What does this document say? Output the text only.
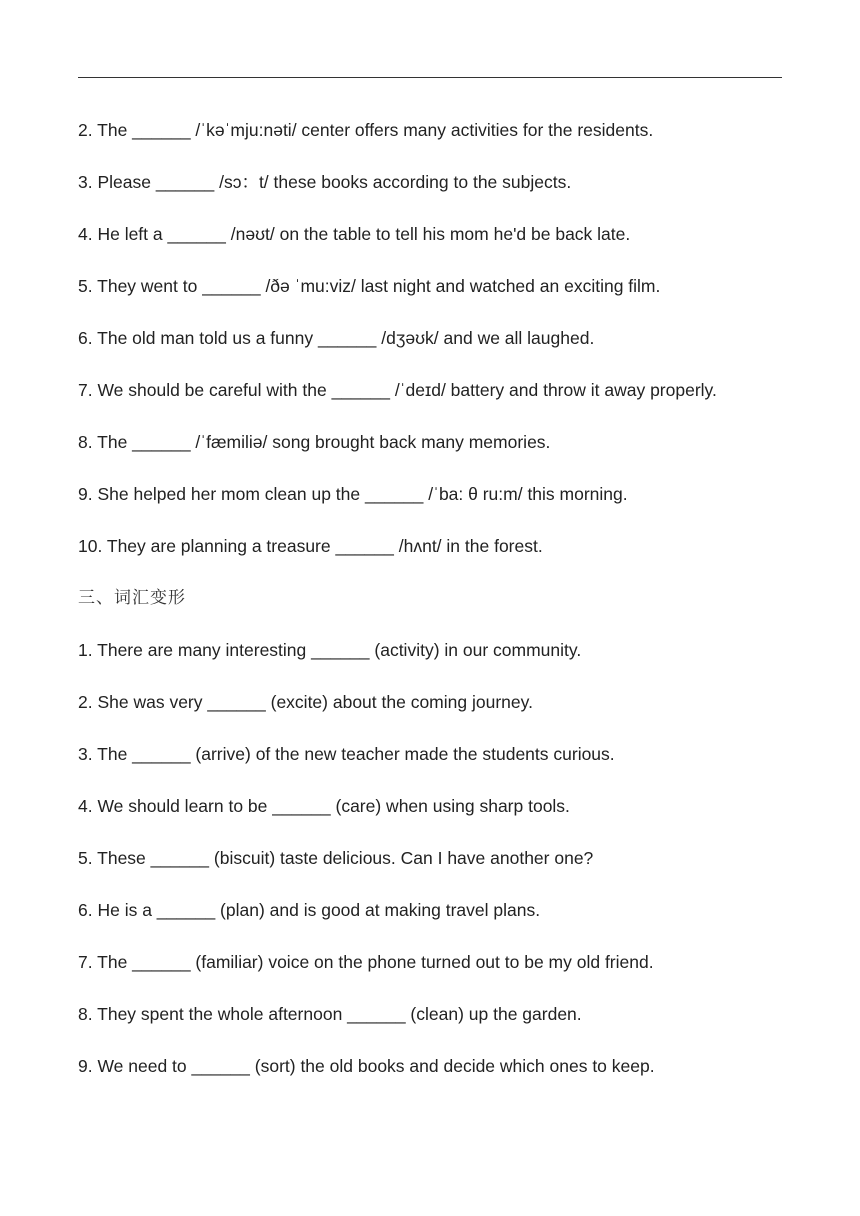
2. The ______ /ˈkəˈmju:nəti/ center offers many activities for the residents.
3. Please ______ /sɔ：t/ these books according to the subjects.
4. He left a ______ /nəʊt/ on the table to tell his mom he'd be back late.
5. They went to ______ /ðə ˈmu:viz/ last night and watched an exciting film.
6. The old man told us a funny ______ /dʒəʊk/ and we all laughed.
7. We should be careful with the ______ /ˈdeɪd/ battery and throw it away properly.
8. The ______ /ˈfæmiliə/ song brought back many memories.
9. She helped her mom clean up the ______ /ˈba: θ ru:m/ this morning.
10. They are planning a treasure ______ /hʌnt/ in the forest.
三、词汇变形
1. There are many interesting ______ (activity) in our community.
2. She was very ______ (excite) about the coming journey.
3. The ______ (arrive) of the new teacher made the students curious.
4. We should learn to be ______ (care) when using sharp tools.
5. These ______ (biscuit) taste delicious. Can I have another one?
6. He is a ______ (plan) and is good at making travel plans.
7. The ______ (familiar) voice on the phone turned out to be my old friend.
8. They spent the whole afternoon ______ (clean) up the garden.
9. We need to ______ (sort) the old books and decide which ones to keep.
